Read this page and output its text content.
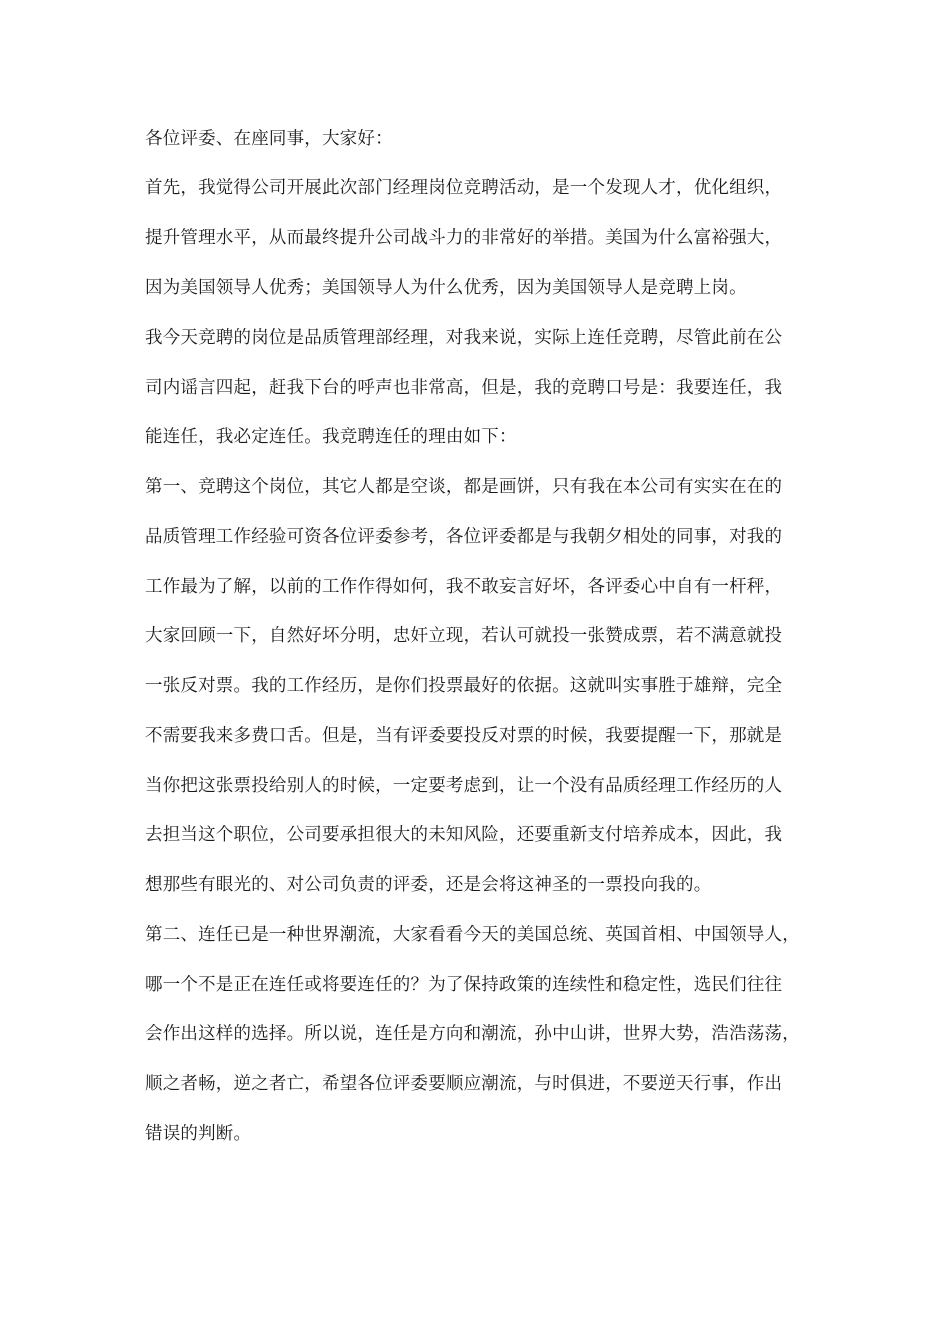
各位评委、在座同事，大家好：
首先，我觉得公司开展此次部门经理岗位竞聘活动，是一个发现人才，优化组织，
提升管理水平，从而最终提升公司战斗力的非常好的举措。美国为什么富裕强大，
因为美国领导人优秀；美国领导人为什么优秀，因为美国领导人是竞聘上岗。
我今天竞聘的岗位是品质管理部经理，对我来说，实际上连任竞聘，尽管此前在公
司内谣言四起，赶我下台的呼声也非常高，但是，我的竞聘口号是：我要连任，我
能连任，我必定连任。我竞聘连任的理由如下：
第一、竞聘这个岗位，其它人都是空谈，都是画饼，只有我在本公司有实实在在的
品质管理工作经验可资各位评委参考，各位评委都是与我朝夕相处的同事，对我的
工作最为了解，以前的工作作得如何，我不敢妄言好坏，各评委心中自有一杆秤，
大家回顾一下，自然好坏分明，忠奸立现，若认可就投一张赞成票，若不满意就投
一张反对票。我的工作经历，是你们投票最好的依据。这就叫实事胜于雄辩，完全
不需要我来多费口舌。但是，当有评委要投反对票的时候，我要提醒一下，那就是
当你把这张票投给别人的时候，一定要考虑到，让一个没有品质经理工作经历的人
去担当这个职位，公司要承担很大的未知风险，还要重新支付培养成本，因此，我
想那些有眼光的、对公司负责的评委，还是会将这神圣的一票投向我的。
第二、连任已是一种世界潮流，大家看看今天的美国总统、英国首相、中国领导人，
哪一个不是正在连任或将要连任的？为了保持政策的连续性和稳定性，选民们往往
会作出这样的选择。所以说，连任是方向和潮流，孙中山讲，世界大势，浩浩荡荡，
顺之者畅，逆之者亡，希望各位评委要顺应潮流，与时俱进，不要逆天行事，作出
错误的判断。
